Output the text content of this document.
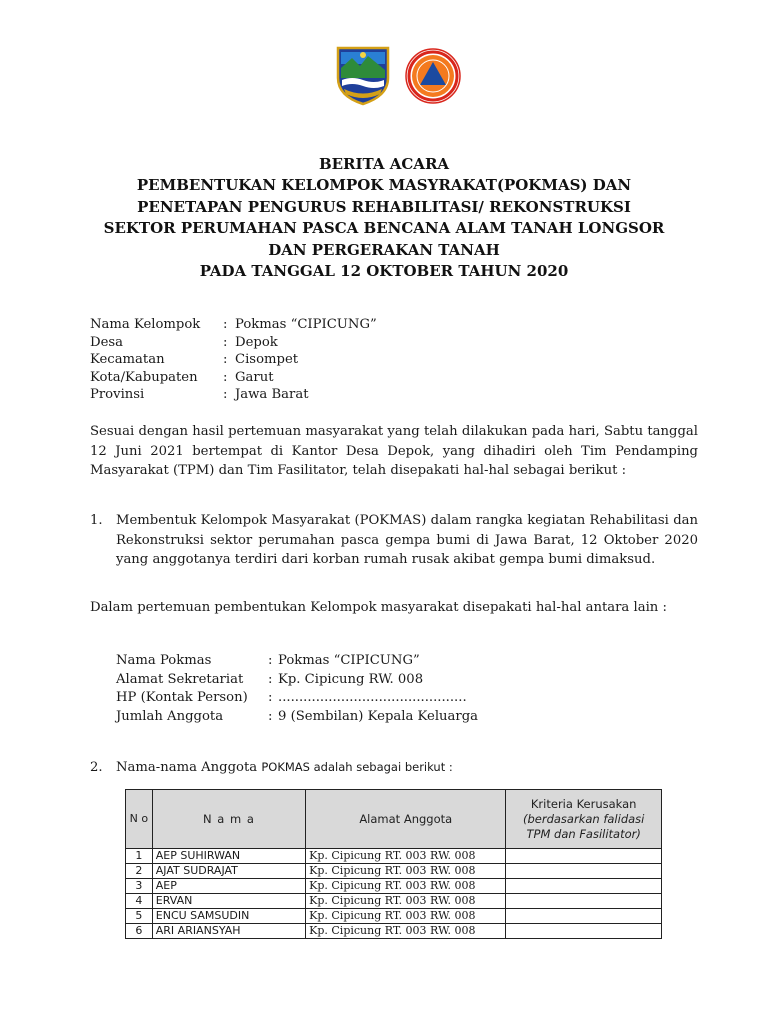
BERITA ACARA
PEMBENTUKAN KELOMPOK MASYRAKAT(POKMAS) DAN
PENETAPAN PENGURUS REHABILITASI/ REKONSTRUKSI
SEKTOR PERUMAHAN PASCA BENCANA ALAM TANAH LONGSOR
DAN PERGERAKAN TANAH
PADA TANGGAL 12 OKTOBER TAHUN 2020
Nama Kelompok	: Pokmas “CIPICUNG”
Desa	: Depok
Kecamatan	: Cisompet
Kota/Kabupaten	: Garut
Provinsi	: Jawa Barat
Sesuai dengan hasil pertemuan masyarakat yang telah dilakukan pada hari, Sabtu tanggal 12 Juni 2021 bertempat di Kantor Desa Depok, yang dihadiri oleh Tim Pendamping Masyarakat (TPM) dan Tim Fasilitator, telah disepakati hal-hal sebagai berikut :
1. Membentuk Kelompok Masyarakat (POKMAS) dalam rangka kegiatan Rehabilitasi dan Rekonstruksi sektor perumahan pasca gempa bumi di Jawa Barat, 12 Oktober 2020 yang anggotanya terdiri dari korban rumah rusak akibat gempa bumi dimaksud.
Dalam pertemuan pembentukan Kelompok masyarakat disepakati hal-hal antara lain :
Nama Pokmas	: Pokmas “CIPICUNG”
Alamat Sekretariat	: Kp. Cipicung RW. 008
HP (Kontak Person)	: .............................................
Jumlah Anggota	: 9 (Sembilan) Kepala Keluarga
2. Nama-nama Anggota POKMAS adalah sebagai berikut :
N o	N a m a	Alamat Anggota	Kriteria Kerusakan
(berdasarkan falidasi TPM dan Fasilitator)

1	AEP SUHIRWAN	Kp. Cipicung RT. 003 RW. 008	
2	AJAT SUDRAJAT	Kp. Cipicung RT. 003 RW. 008	
3	AEP	Kp. Cipicung RT. 003 RW. 008	
4	ERVAN	Kp. Cipicung RT. 003 RW. 008	
5	ENCU SAMSUDIN	Kp. Cipicung RT. 003 RW. 008	
6	ARI ARIANSYAH	Kp. Cipicung RT. 003 RW. 008	
